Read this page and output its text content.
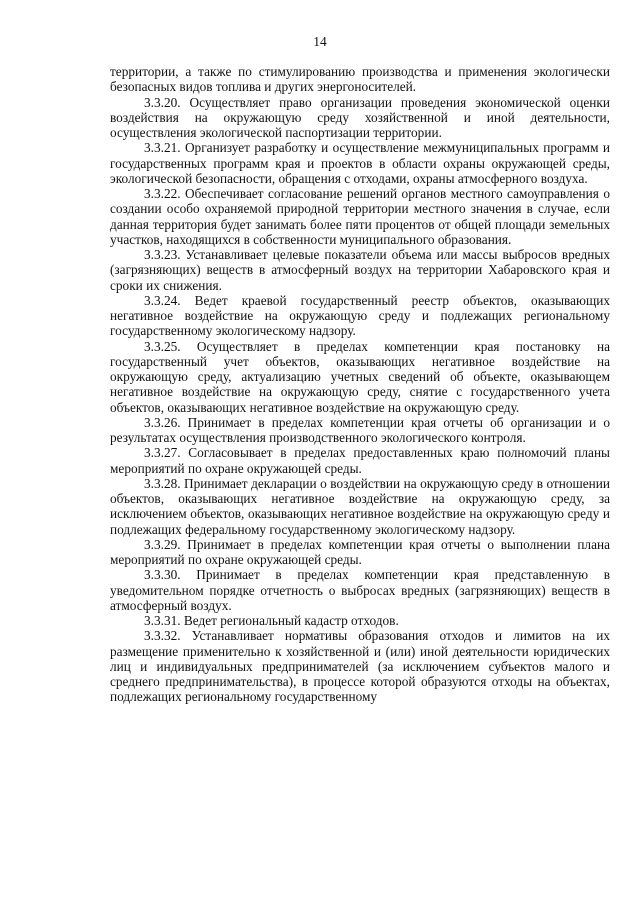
14

территории, а также по стимулированию производства и применения экологически безопасных видов топлива и других энергоносителей.

3.3.20. Осуществляет право организации проведения экономической оценки воздействия на окружающую среду хозяйственной и иной деятельности, осуществления экологической паспортизации территории.

3.3.21. Организует разработку и осуществление межмуниципальных программ и государственных программ края и проектов в области охраны окружающей среды, экологической безопасности, обращения с отходами, охраны атмосферного воздуха.

3.3.22. Обеспечивает согласование решений органов местного самоуправления о создании особо охраняемой природной территории местного значения в случае, если данная территория будет занимать более пяти процентов от общей площади земельных участков, находящихся в собственности муниципального образования.

3.3.23. Устанавливает целевые показатели объема или массы выбросов вредных (загрязняющих) веществ в атмосферный воздух на территории Хабаровского края и сроки их снижения.

3.3.24. Ведет краевой государственный реестр объектов, оказывающих негативное воздействие на окружающую среду и подлежащих региональному государственному экологическому надзору.

3.3.25. Осуществляет в пределах компетенции края постановку на государственный учет объектов, оказывающих негативное воздействие на окружающую среду, актуализацию учетных сведений об объекте, оказывающем негативное воздействие на окружающую среду, снятие с государственного учета объектов, оказывающих негативное воздействие на окружающую среду.

3.3.26. Принимает в пределах компетенции края отчеты об организации и о результатах осуществления производственного экологического контроля.

3.3.27. Согласовывает в пределах предоставленных краю полномочий планы мероприятий по охране окружающей среды.

3.3.28. Принимает декларации о воздействии на окружающую среду в отношении объектов, оказывающих негативное воздействие на окружающую среду, за исключением объектов, оказывающих негативное воздействие на окружающую среду и подлежащих федеральному государственному экологическому надзору.

3.3.29. Принимает в пределах компетенции края отчеты о выполнении плана мероприятий по охране окружающей среды.

3.3.30. Принимает в пределах компетенции края представленную в уведомительном порядке отчетность о выбросах вредных (загрязняющих) веществ в атмосферный воздух.

3.3.31. Ведет региональный кадастр отходов.

3.3.32. Устанавливает нормативы образования отходов и лимитов на их размещение применительно к хозяйственной и (или) иной деятельности юридических лиц и индивидуальных предпринимателей (за исключением субъектов малого и среднего предпринимательства), в процессе которой образуются отходы на объектах, подлежащих региональному государственному
